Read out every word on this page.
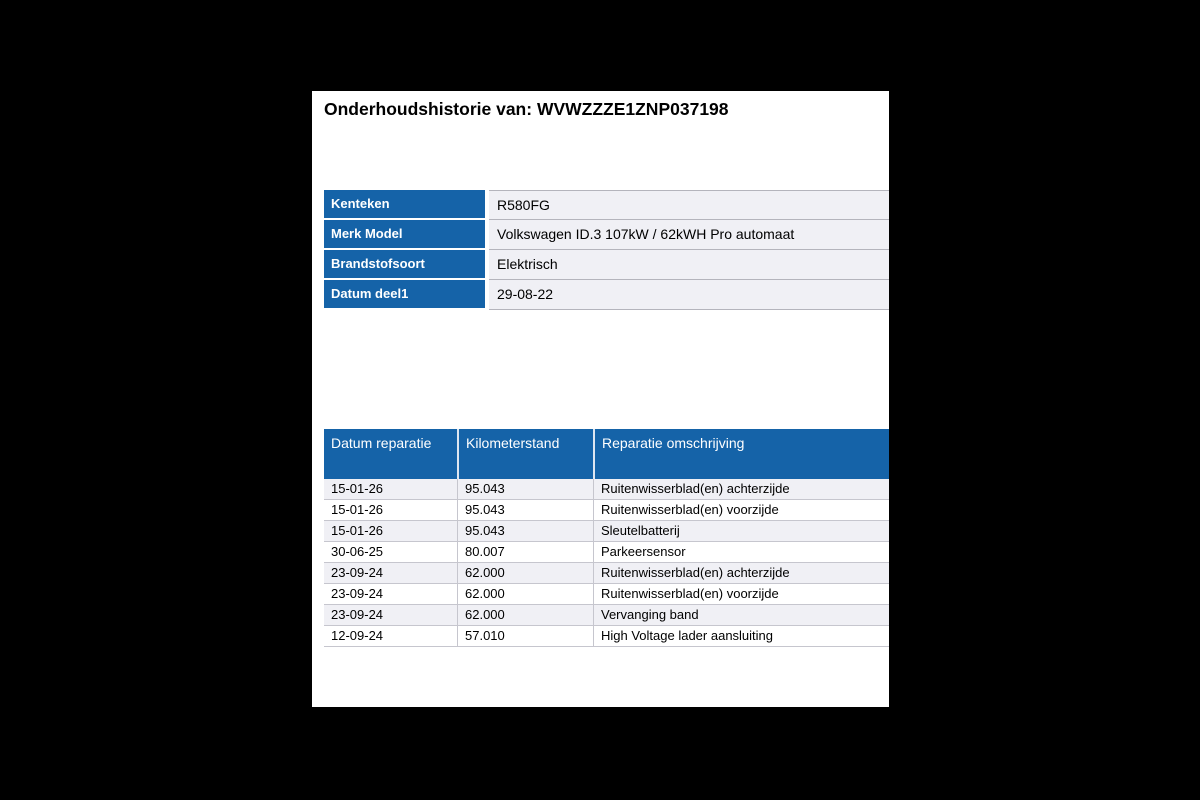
Onderhoudshistorie van: WVWZZZE1ZNP037198
Kenteken	R580FG
Merk Model	Volkswagen ID.3 107kW / 62kWH Pro automaat
Brandstofsoort	Elektrisch
Datum deel1	29-08-22
Datum reparatie	Kilometerstand	Reparatie omschrijving
15-01-26	95.043	Ruitenwisserblad(en) achterzijde
15-01-26	95.043	Ruitenwisserblad(en) voorzijde
15-01-26	95.043	Sleutelbatterij
30-06-25	80.007	Parkeersensor
23-09-24	62.000	Ruitenwisserblad(en) achterzijde
23-09-24	62.000	Ruitenwisserblad(en) voorzijde
23-09-24	62.000	Vervanging band
12-09-24	57.010	High Voltage lader aansluiting
